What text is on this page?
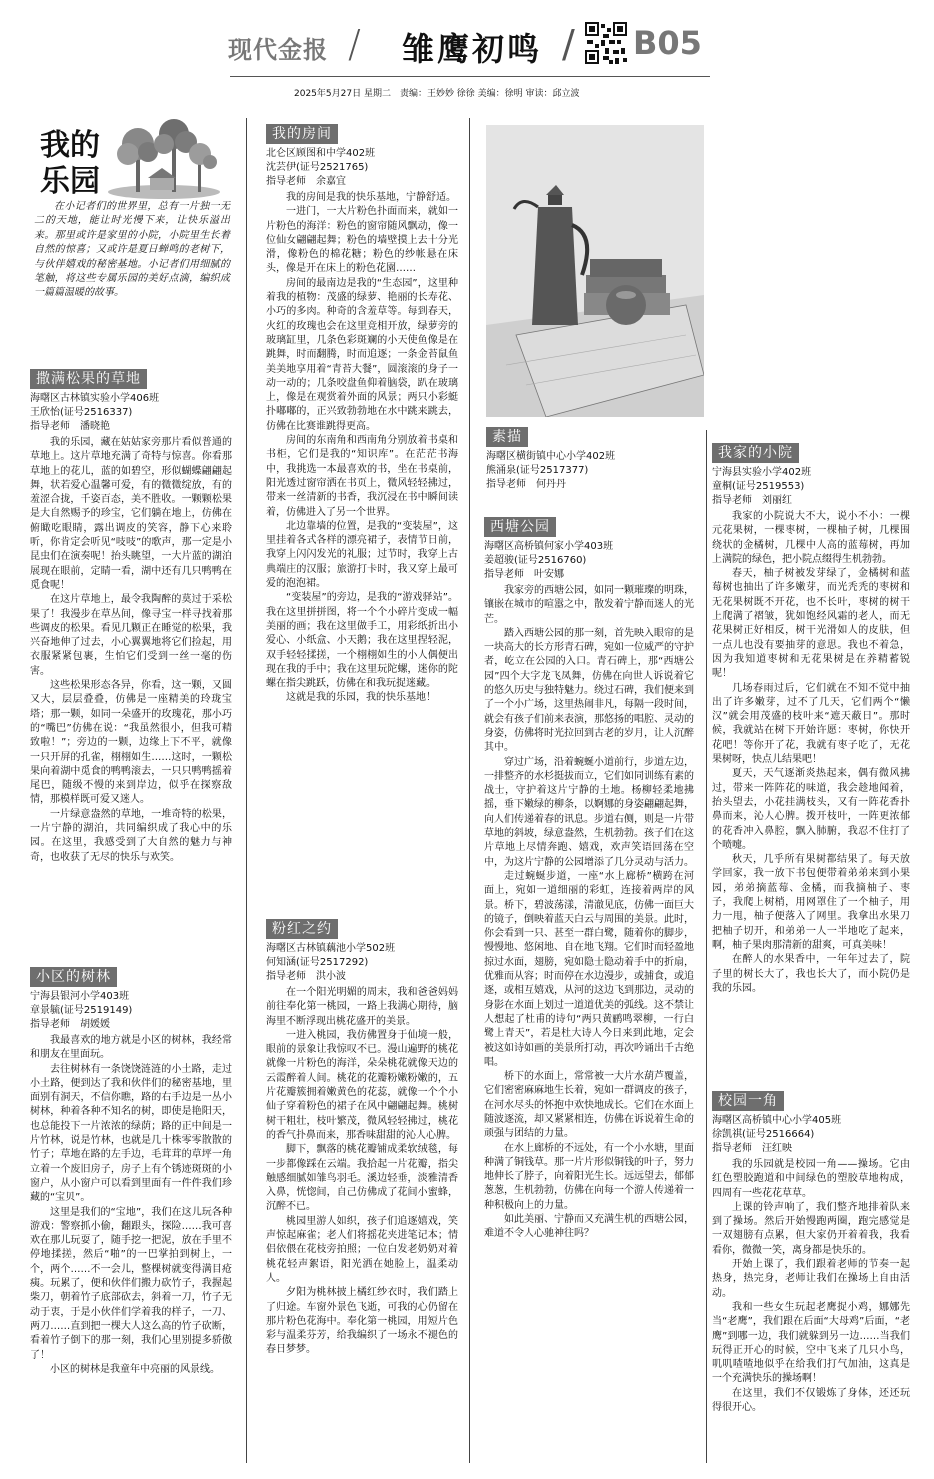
现代金报 / 雏鹰初鸣 / B05
2025年5月27日 星期二　责编：王妙妙 徐徐 美编：徐明 审读：邱立波
我的
乐园
在小记者们的世界里，总有一片独一无二的天地，能让时光慢下来，让快乐溢出来。那里或许是家里的小院，小院里生长着自然的惊喜；又或许是夏日蝉鸣的老树下，与伙伴嬉戏的秘密基地。小记者们用细腻的笔触，将这些专属乐园的美好点滴，编织成一篇篇温暖的故事。
撒满松果的草地
海曙区古林镇实验小学406班
王欣怡(证号2516337)
指导老师　潘晓艳

我的乐园，藏在姑姑家旁那片看似普通的草地上。这片草地充满了奇特与惊喜。你看那草地上的花儿，蓝的如碧空，形似蝴蝶翩翩起舞，状若爱心温馨可爱，有的微微绽放，有的羞涩合拢，千姿百态，美不胜收。一颗颗松果是大自然赐予的珍宝，它们躺在地上，仿佛在俯瞰吃眼睛，露出调皮的笑容，静下心来聆听，你肯定会听见“吱吱”的歌声，那一定是小昆虫们在演奏呢！抬头眺望，一大片蓝的湖泊展现在眼前，定睛一看，湖中还有几只鸭鸭在觅食呢！

在这片草地上，最令我陶醉的莫过于采松果了！我漫步在草丛间，像寻宝一样寻找着那些调皮的松果。看见几颗正在睡觉的松果，我兴奋地伸了过去，小心翼翼地将它们捡起，用衣服紧紧包裹，生怕它们受到一丝一毫的伤害。

这些松果形态各异，你看，这一颗，又圆又大，层层叠叠，仿佛是一座精美的玲珑宝塔；那一颗，如同一朵盛开的玫瑰花，那小巧的“嘴巴”仿佛在说：“我虽然很小，但我可精致啦！”；旁边的一颗，边缘上下不平，就像一只开屏的孔雀，栩栩如生……这时，一颗松果向着湖中觅食的鸭鸭滚去，一只只鸭鸭摇着尾巴，随级不慢的来到岸边，似乎在探察敌情，那模样既可爱又迷人。

一片绿意盎然的草地，一堆奇特的松果，一片宁静的湖泊，共同编织成了我心中的乐园。在这里，我感受到了大自然的魅力与神奇，也收获了无尽的快乐与欢笑。

小区的树林
宁海县银河小学403班
章景毓(证号2519149)
指导老师　胡媛媛

我最喜欢的地方就是小区的树林，我经常和朋友在里面玩。

去往树林有一条饶饶涟涟的小土路，走过小土路，便到达了我和伙伴们的秘密基地，里面别有洞天，不信你瞧，路的右手边是一丛小树林，种着各种不知名的树，即使是艳阳天，也总能投下一片浓浓的绿荫；路的正中间是一片竹林，说是竹林，也就是几十株零零散散的竹子；草地在路的左手边，毛茸茸的草坪一角立着一个废旧房子，房子上有个锈迹斑斑的小窗户，从小窗户可以看到里面有一件件我们珍藏的“宝贝”。

这里是我们的“宝地”，我们在这儿玩各种游戏：警察抓小偷，翻跟头，探险……我可喜欢在那儿玩耍了，随手挖一把泥，放在手里不停地揉搓，然后“啪”的一巴掌拍到树上，一个，两个……不一会儿，整棵树就变得满目疮痍。玩累了，便和伙伴们搬力砍竹子，我握起柴刀，朝着竹子底部砍去，斜着一刀，竹子无动于衷，于是小伙伴们学着我的样子，一刀、两刀……直到把一棵大人这么高的竹子砍断，看着竹子倒下的那一刻，我们心里别提多骄傲了！

小区的树林是我童年中亮丽的风景线。

我的房间
北仑区顾图和中学402班
沈芸伊(证号2521765)
指导老师　余嘉宜

我的房间是我的快乐基地，宁静舒适。

一进门，一大片粉色扑面而来，就如一片粉色的海洋：粉色的窗帘随风飘动，像一位仙女翩翩起舞；粉色的墙壁摸上去十分光滑，像粉色的棉花糖；粉色的纱帐悬在床头，像是开在床上的粉色花園……

房间的最南边是我的“生态园”，这里种着我的植物：茂盛的绿萝、艳丽的长寿花、小巧的多肉。种奇的含羞草等。每到春天，火红的玫瑰也会在这里竞相开放，绿萝旁的玻璃缸里，几条色彩斑斓的小天使鱼像是在跳舞，时而翻腾，时而追逐；一条金苔鼠鱼美美地享用着“青苔大餐”，圆滚滚的身子一动一动的；几条咬盘鱼仰着脑袋，趴在玻璃上，像是在观赏着外面的风景；两只小彩蜓扑嘟嘟的，正兴致勃勃地在水中跳来跳去，仿佛在比赛谁跳得更高。

房间的东南角和西南角分别放着书桌和书柜，它们是我的“知识库”。在茫茫书海中，我挑选一本最喜欢的书，坐在书桌前，阳光透过窗帘洒在书页上，微风轻轻拂过，带来一丝清新的书香，我沉浸在书中瞬间读着，仿佛进入了另一个世界。

北边靠墙的位置，是我的“变装屋”，这里挂着各式各样的漂亮裙子，表情节日前，我穿上闪闪发光的礼服；过节时，我穿上古典端庄的汉服；旅游打卡时，我又穿上最可爱的泡泡裙。

“变装屋”的旁边，是我的“游戏驿站”。我在这里拼拼图，将一个个小碎片变成一幅美丽的画；我在这里做手工，用彩纸折出小爱心、小纸盒、小天鹅；我在这里捏轻泥，双手轻轻揉搓，一个栩栩如生的小人偶便出现在我的手中；我在这里玩陀螺，迷你的陀螺在指尖跳跃，仿佛在和我玩捉迷藏。

这就是我的乐园，我的快乐基地！

粉红之约
海曙区古林镇藕池小学502班
何知涵(证号2517292)
指导老师　洪小波

在一个阳光明媚的周末，我和爸爸妈妈前往奉化第一桃园，一路上我满心期待，脑海里不断浮现出桃花盛开的美景。

一进入桃园，我仿佛置身于仙境一般，眼前的景象让我惊叹不已。漫山遍野的桃花就像一片粉色的海洋，朵朵桃花就像天边的云霞醉着人间。桃花的花瓣粉嫩粉嫩的，五片花瓣簇拥着嫩黄色的花蕊，就像一个个小仙子穿着粉色的裙子在风中翩翩起舞。桃树树干粗壮，枝叶繁茂，微风轻轻拂过，桃花的香气扑鼻而来，那香味甜甜的沁人心脾。

脚下，飘落的桃花瓣铺成柔软绒毯，每一步都像踩在云端。我拾起一片花瓣，指尖触感细腻如雏鸟羽毛。溪边轻垂，淡雅清香入鼻，恍惚间，自己仿佛成了花间小蜜蜂，沉醉不已。

桃园里游人如织，孩子们追逐嬉戏，笑声惊起麻雀；老人们将摇花夹进笔记本；情侣依偎在花枝旁拍照；一位白发老奶奶对着桃花轻声絮语，阳光洒在她脸上，温柔动人。

夕阳为桃林披上橘红纱衣时，我们踏上了归途。车窗外景色飞逝，可我的心仍留在那片粉色花海中。奉化第一桃园，用短片色彩与温柔芬芳，给我编织了一场永不褪色的春日梦梦。

素描
海曙区横街镇中心小学402班
熊涌泉(证号2517377)
指导老师　何丹丹
西塘公园
海曙区高桥镇何家小学403班
姜超骏(证号2516760)
指导老师　叶安娜

我家旁的西塘公园，如同一颗璀璨的明珠，镶嵌在城市的喧嚣之中，散发着宁静而迷人的光芒。

踏入西塘公园的那一刻，首先映入眼帘的是一块高大的长方形青石碑，宛如一位威严的守护者，屹立在公园的入口。青石碑上，那“西塘公园”四个大字龙飞凤舞，仿佛在向世人诉说着它的悠久历史与独特魅力。绕过石碑，我们便来到了一个小广场，这里热闹非凡，每隔一段时间，就会有孩子们前来表演，那悠扬的唱腔、灵动的身姿，仿佛将时光拉回到古老的岁月，让人沉醉其中。

穿过广场，沿着蜿蜒小道前行，步道左边，一排整齐的水杉挺拔而立，它们如同训练有素的战士，守护着这片宁静的土地。杨柳轻柔地拂摇，垂下嫩绿的柳条，以婀娜的身姿翩翩起舞，向人们传递着春的讯息。步道右侧，则是一片带草地的斜坡，绿意盎然，生机勃勃。孩子们在这片草地上尽情奔跑、嬉戏，欢声笑语回荡在空中，为这片宁静的公园增添了几分灵动与活力。

走过蜿蜒步道，一座“水上廊桥”横跨在河面上，宛如一道细丽的彩虹，连接着两岸的风景。桥下，碧波荡漾，清澈见底，仿佛一面巨大的镜子，倒映着蓝天白云与周围的美景。此时，你会看到一只、甚至一群白鹭，随着你的脚步，慢慢地、悠闲地、自在地飞翔。它们时而轻盈地掠过水面，翅膀，宛如隐士隐动着手中的折扇，优雅而从容；时而停在水边漫步，或捕食，或追逐，或相互嬉戏，从河的这边飞到那边，灵动的身影在水面上划过一道道优美的弧线。这不禁让人想起了杜甫的诗句“两只黄鹂鸣翠柳，一行白鹭上青天”，若是杜大诗人今日来到此地，定会被这如诗如画的美景所打动，再次吟诵出千古绝唱。

桥下的水面上，常常被一大片水葫芦覆盖，它们密密麻麻地生长着，宛如一群调皮的孩子，在河水尽头的怀抱中欢快地成长。它们在水面上随波逐流，却又紧紧相连，仿佛在诉说着生命的顽强与团结的力量。

在水上廊桥的不远处，有一个小水塘，里面种满了铜钱草。那一片片形似铜钱的叶子，努力地伸长了脖子，向着阳光生长。远远望去，郁郁葱葱，生机勃勃，仿佛在向每一个游人传递着一种积极向上的力量。

如此美丽、宁静而又充满生机的西塘公园，难道不令人心驰神往吗？

我家的小院
宁海县实验小学402班
童桐(证号2519553)
指导老师　刘丽红

我家的小院说大不大，说小不小：一棵元花果树，一棵枣树，一棵柚子树，几棵围绕状的金橘树，几棵中人高的蓝莓树，再加上满院的绿色，把小院点缀得生机勃勃。

春天，柚子树被发芽绿了，金橘树和蓝莓树也抽出了许多嫩芽，而光秃秃的枣树和无花果树既不开花，也不长叶，枣树的树干上爬满了褶皱，犹如饱经风霜的老人，而无花果树正好相反，树干光滑如人的皮肤，但一点儿也没有要抽芽的意思。我也不着急，因为我知道枣树和无花果树是在养精蓄锐呢！

几场春雨过后，它们就在不知不觉中抽出了许多嫩芽，过不了几天，它们两个“懒汉”就会用茂盛的枝叶来“遮天蔽日”。那时候，我就站在树下开始许愿：枣树，你快开花吧！等你开了花，我就有枣子吃了，无花果树呀，快点儿结果吧！

夏天，天气逐渐炎热起来，偶有微风拂过，带来一阵阵花的味道，我会趁地闻着，抬头望去，小花挂满枝头，又有一阵花香扑鼻而来，沁人心脾。拨开枝叶，一阵更浓郁的花香冲入鼻腔，飘入肺腑，我忍不住打了个喷嚏。

秋天，几乎所有果树都结果了。每天放学回家，我一放下书包便带着弟弟来到小果园，弟弟摘蓝莓、金橘，而我摘柚子、枣子，我爬上树梢，用网罩住了一个柚子，用力一甩，柚子便落入了网里。我拿出水果刀把柚子切开，和弟弟一人一半地吃了起来，啊，柚子果肉那清新的甜爽，可真美味！

在醉人的水果香中，一年年过去了，院子里的树长大了，我也长大了，而小院仍是我的乐园。

校园一角
海曙区高桥镇中心小学405班
徐凯祺(证号2516664)
指导老师　汪红映

我的乐园就是校园一角——操场。它由红色塑胶跑道和中间绿色的塑胶草地构成，四周有一些花花草草。

上课的铃声响了，我们整齐地排着队来到了操场。然后开始慢跑两圈，跑完感觉是一双翅膀有点累，但大家仍开着着我，我看看你，微微一笑，离身都是快乐的。

开始上课了，我们跟着老师的节奏一起热身，热完身，老师让我们在操场上自由活动。

我和一些女生玩起老鹰捉小鸡，娜娜先当“老鹰”，我们跟在后面“大母鸡”后面，“老鹰”到哪一边，我们就躲到另一边……当我们玩得正开心的时候，空中飞来了几只小鸟，叽叽喳喳地似乎在给我们打气加油，这真是一个充满快乐的操场啊！

在这里，我们不仅锻炼了身体，还还玩得很开心。
